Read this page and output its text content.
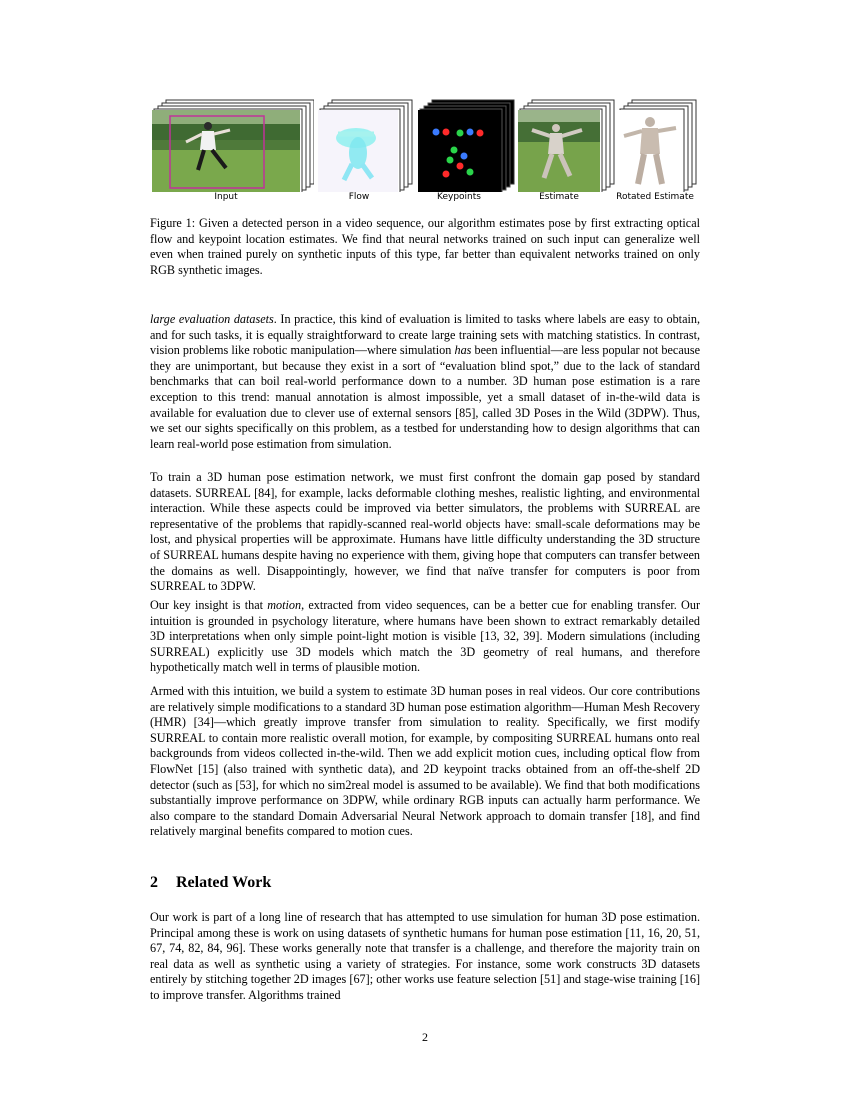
Input	Flow	Keypoints	Estimate	Rotated Estimate
Figure 1: Given a detected person in a video sequence, our algorithm estimates pose by first extracting optical flow and keypoint location estimates. We find that neural networks trained on such input can generalize well even when trained purely on synthetic inputs of this type, far better than equivalent networks trained on only RGB synthetic images.

large evaluation datasets. In practice, this kind of evaluation is limited to tasks where labels are easy to obtain, and for such tasks, it is equally straightforward to create large training sets with matching statistics. In contrast, vision problems like robotic manipulation—where simulation has been influential—are less popular not because they are unimportant, but because they exist in a sort of “evaluation blind spot,” due to the lack of standard benchmarks that can boil real-world performance down to a number. 3D human pose estimation is a rare exception to this trend: manual annotation is almost impossible, yet a small dataset of in-the-wild data is available for evaluation due to clever use of external sensors [85], called 3D Poses in the Wild (3DPW). Thus, we set our sights specifically on this problem, as a testbed for understanding how to design algorithms that can learn real-world pose estimation from simulation.

To train a 3D human pose estimation network, we must first confront the domain gap posed by standard datasets. SURREAL [84], for example, lacks deformable clothing meshes, realistic lighting, and environmental interaction. While these aspects could be improved via better simulators, the problems with SURREAL are representative of the problems that rapidly-scanned real-world objects have: small-scale deformations may be lost, and physical properties will be approximate. Humans have little difficulty understanding the 3D structure of SURREAL humans despite having no experience with them, giving hope that computers can transfer between the domains as well. Disappointingly, however, we find that naïve transfer for computers is poor from SURREAL to 3DPW.

Our key insight is that motion, extracted from video sequences, can be a better cue for enabling transfer. Our intuition is grounded in psychology literature, where humans have been shown to extract remarkably detailed 3D interpretations when only simple point-light motion is visible [13, 32, 39]. Modern simulations (including SURREAL) explicitly use 3D models which match the 3D geometry of real humans, and therefore hypothetically match well in terms of plausible motion.

Armed with this intuition, we build a system to estimate 3D human poses in real videos. Our core contributions are relatively simple modifications to a standard 3D human pose estimation algorithm—Human Mesh Recovery (HMR) [34]—which greatly improve transfer from simulation to reality. Specifically, we first modify SURREAL to contain more realistic overall motion, for example, by compositing SURREAL humans onto real backgrounds from videos collected in-the-wild. Then we add explicit motion cues, including optical flow from FlowNet [15] (also trained with synthetic data), and 2D keypoint tracks obtained from an off-the-shelf 2D detector (such as [53], for which no sim2real model is assumed to be available). We find that both modifications substantially improve performance on 3DPW, while ordinary RGB inputs can actually harm performance. We also compare to the standard Domain Adversarial Neural Network approach to domain transfer [18], and find relatively marginal benefits compared to motion cues.

2 Related Work

Our work is part of a long line of research that has attempted to use simulation for human 3D pose estimation. Principal among these is work on using datasets of synthetic humans for human pose estimation [11, 16, 20, 51, 67, 74, 82, 84, 96]. These works generally note that transfer is a challenge, and therefore the majority train on real data as well as synthetic using a variety of strategies. For instance, some work constructs 3D datasets entirely by stitching together 2D images [67]; other works use feature selection [51] and stage-wise training [16] to improve transfer. Algorithms trained

2
